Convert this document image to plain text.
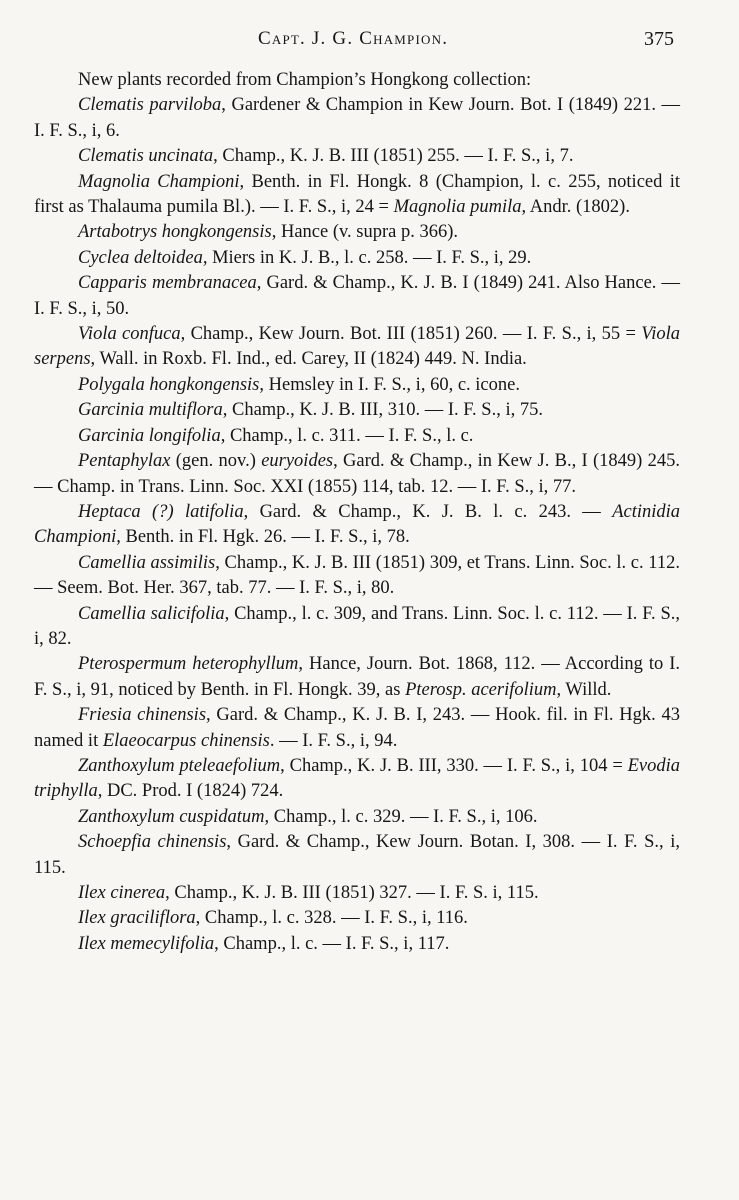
Capt. J. G. Champion.	375

New plants recorded from Champion’s Hongkong collection:

Clematis parviloba, Gardener & Champion in Kew Journ. Bot. I (1849) 221. — I. F. S., i, 6.

Clematis uncinata, Champ., K. J. B. III (1851) 255. — I. F. S., i, 7.

Magnolia Championi, Benth. in Fl. Hongk. 8 (Champion, l. c. 255, noticed it first as Thalauma pumila Bl.). — I. F. S., i, 24 = Magnolia pumila, Andr. (1802).

Artabotrys hongkongensis, Hance (v. supra p. 366).

Cyclea deltoidea, Miers in K. J. B., l. c. 258. — I. F. S., i, 29.

Capparis membranacea, Gard. & Champ., K. J. B. I (1849) 241. Also Hance. — I. F. S., i, 50.

Viola confuca, Champ., Kew Journ. Bot. III (1851) 260. — I. F. S., i, 55 = Viola serpens, Wall. in Roxb. Fl. Ind., ed. Carey, II (1824) 449. N. India.

Polygala hongkongensis, Hemsley in I. F. S., i, 60, c. icone.

Garcinia multiflora, Champ., K. J. B. III, 310. — I. F. S., i, 75.

Garcinia longifolia, Champ., l. c. 311. — I. F. S., l. c.

Pentaphylax (gen. nov.) euryoides, Gard. & Champ., in Kew J. B., I (1849) 245. — Champ. in Trans. Linn. Soc. XXI (1855) 114, tab. 12. — I. F. S., i, 77.

Heptaca (?) latifolia, Gard. & Champ., K. J. B. l. c. 243. — Actinidia Championi, Benth. in Fl. Hgk. 26. — I. F. S., i, 78.

Camellia assimilis, Champ., K. J. B. III (1851) 309, et Trans. Linn. Soc. l. c. 112. — Seem. Bot. Her. 367, tab. 77. — I. F. S., i, 80.

Camellia salicifolia, Champ., l. c. 309, and Trans. Linn. Soc. l. c. 112. — I. F. S., i, 82.

Pterospermum heterophyllum, Hance, Journ. Bot. 1868, 112. — According to I. F. S., i, 91, noticed by Benth. in Fl. Hongk. 39, as Pterosp. acerifolium, Willd.

Friesia chinensis, Gard. & Champ., K. J. B. I, 243. — Hook. fil. in Fl. Hgk. 43 named it Elaeocarpus chinensis. — I. F. S., i, 94.

Zanthoxylum pteleaefolium, Champ., K. J. B. III, 330. — I. F. S., i, 104 = Evodia triphylla, DC. Prod. I (1824) 724.

Zanthoxylum cuspidatum, Champ., l. c. 329. — I. F. S., i, 106.

Schoepfia chinensis, Gard. & Champ., Kew Journ. Botan. I, 308. — I. F. S., i, 115.

Ilex cinerea, Champ., K. J. B. III (1851) 327. — I. F. S. i, 115.

Ilex graciliflora, Champ., l. c. 328. — I. F. S., i, 116.

Ilex memecylifolia, Champ., l. c. — I. F. S., i, 117.
